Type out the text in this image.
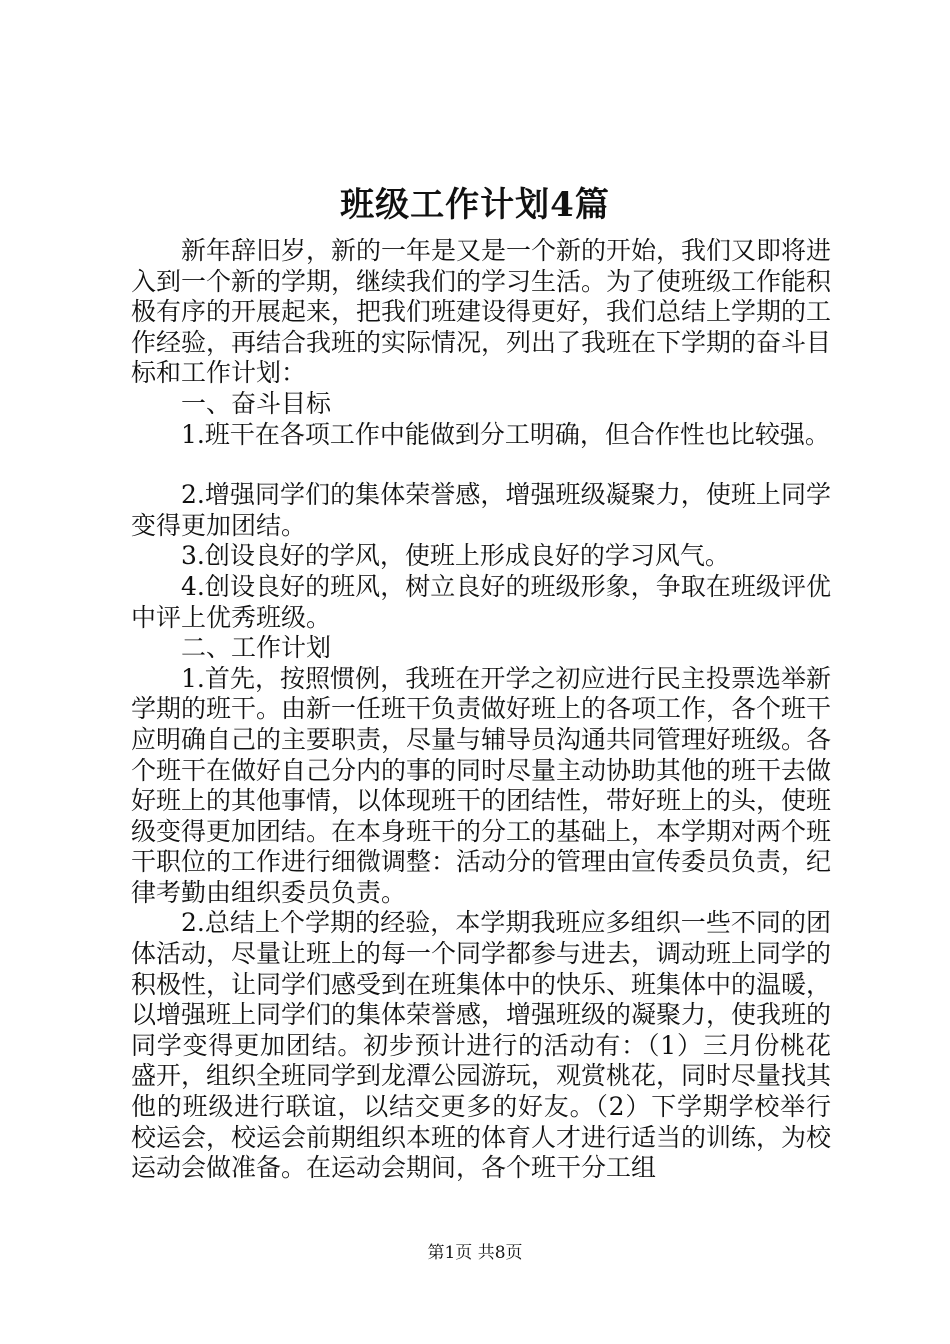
班级工作计划4篇

新年辞旧岁，新的一年是又是一个新的开始，我们又即将进入到一个新的学期，继续我们的学习生活。为了使班级工作能积极有序的开展起来，把我们班建设得更好，我们总结上学期的工作经验，再结合我班的实际情况，列出了我班在下学期的奋斗目标和工作计划：

一、奋斗目标

1.班干在各项工作中能做到分工明确，但合作性也比较强。

2.增强同学们的集体荣誉感，增强班级凝聚力，使班上同学变得更加团结。

3.创设良好的学风，使班上形成良好的学习风气。

4.创设良好的班风，树立良好的班级形象，争取在班级评优中评上优秀班级。

二、工作计划

1.首先，按照惯例，我班在开学之初应进行民主投票选举新学期的班干。由新一任班干负责做好班上的各项工作，各个班干应明确自己的主要职责，尽量与辅导员沟通共同管理好班级。各个班干在做好自己分内的事的同时尽量主动协助其他的班干去做好班上的其他事情，以体现班干的团结性，带好班上的头，使班级变得更加团结。在本身班干的分工的基础上，本学期对两个班干职位的工作进行细微调整：活动分的管理由宣传委员负责，纪律考勤由组织委员负责。

2.总结上个学期的经验，本学期我班应多组织一些不同的团体活动，尽量让班上的每一个同学都参与进去，调动班上同学的积极性，让同学们感受到在班集体中的快乐、班集体中的温暖，以增强班上同学们的集体荣誉感，增强班级的凝聚力，使我班的同学变得更加团结。初步预计进行的活动有：（1）三月份桃花盛开，组织全班同学到龙潭公园游玩，观赏桃花，同时尽量找其他的班级进行联谊，以结交更多的好友。（2）下学期学校举行校运会，校运会前期组织本班的体育人才进行适当的训练，为校运动会做准备。在运动会期间，各个班干分工组

第1页 共8页
